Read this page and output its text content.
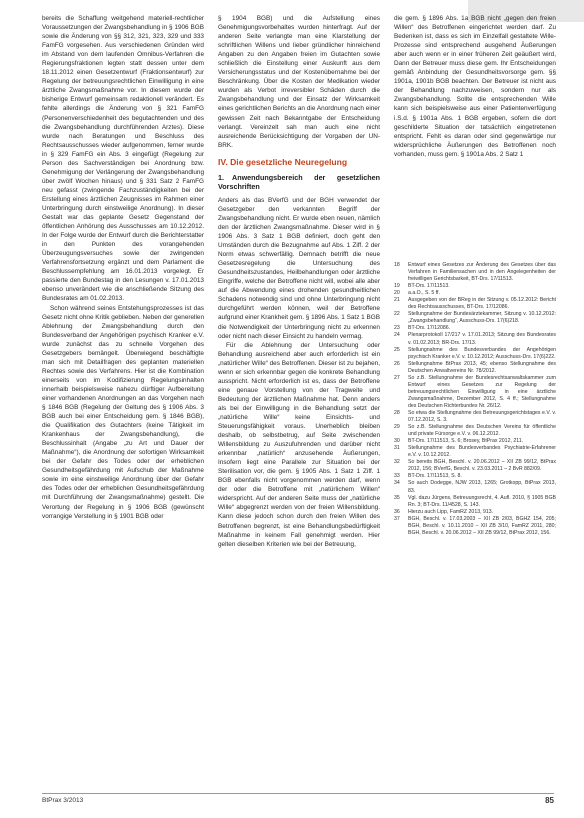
bereits die Schaffung weitgehend materiell-rechtlicher Voraussetzungen der Zwangsbehandlung in § 1906 BGB sowie die Änderung von §§ 312, 321, 323, 329 und 333 FamFG vorgesehen. Aus verschiedenen Gründen wird im Abstand von dem laufenden Omnibus-Verfahren die Regierungsfraktionen legten statt dessen unter dem 18.11.2012 einen Gesetzentwurf (Fraktionsentwurf) zur Regelung der betreuungsrechtlichen Einwilligung in eine ärztliche Zwangsmaßnahme vor. In diesem wurde der bisherige Entwurf gemeinsam redaktionell verändert. Es fehlte allerdings die Änderung von § 321 FamFG (Personenverschiedenheit des begutachtenden und des die Zwangsbehandlung durchführenden Arztes). Diese wurde nach Beratungen und Beschluss des Rechtsausschusses wieder aufgenommen, ferner wurde in § 329 FamFG ein Abs. 3 eingefügt (Regelung zur Person des Sachverständigen bei Anordnung bzw. Genehmigung der Verlängerung der Zwangsbehandlung über zwölf Wochen hinaus) und § 331 Satz 2 FamFG neu gefasst (zwingende Fachzuständigkeiten bei der Erstellung eines ärztlichen Zeugnisses im Rahmen einer Unterbringung durch einstweilige Anordnung). In dieser Gestalt war das geplante Gesetz Gegenstand der öffentlichen Anhörung des Ausschusses am 10.12.2012. In der Folge wurde der Entwurf durch die Berichterstatter in den Punkten des vorangehenden Überzeugungsversuches sowie der zwingenden Verfahrensfortsetzung ergänzt und dem Parlament die Beschlussempfehlung am 16.01.2013 vorgelegt. Er passierte den Bundestag in den Lesungen v. 17.01.2013 ebenso unverändert wie die anschließende Sitzung des Bundesrates am 01.02.2013.

Schon während seines Entstehungsprozesses ist das Gesetz nicht ohne Kritik geblieben. Neben der generellen Ablehnung der Zwangsbehandlung durch den Bundesverband der Angehörigen psychisch Kranker e.V. wurde zunächst das zu schnelle Vorgehen des Gesetzgebers bemängelt. Überwiegend beschäftigte man sich mit Detailfragen des geplanten materiellen Rechtes sowie des Verfahrens. Hier ist die Kombination einerseits von im Kodifizierung Regelungsinhalten innerhalb beispielsweise nahezu dürftiger Aufbereitung einer vorhandenen Anordnungen an das Vorgehen nach § 1846 BGB (Regelung der Geltung des § 1906 Abs. 3 BGB auch bei einer Entscheidung gem. § 1846 BGB), die Qualifikation des Gutachters (keine Tätigkeit im Krankenhaus der Zwangsbehandlung), die Beschlussinhalt (Angabe „zu Art und Dauer der Maßnahme“), die Anordnung der sofortigen Wirksamkeit bei der Gefahr des Todes oder der erheblichen Gesundheitsgefährdung mit Aufschub der Maßnahme sowie im eine einstweilige Anordnung über der Gefahr des Todes oder der erheblichen Gesundheitsgefährdung mit Durchführung der Zwangsmaßnahme) gestellt. Die Verortung der Regelung in § 1906 BGB (gewünscht vorrangige Verstellung in § 1901 BGB oder

§ 1904 BGB) und die Aufstellung eines Genehmigungsvorbehaltes wurden hinterfragt. Auf der anderen Seite verlangte man eine Klarstellung der schriftlichen Willens und lieber gründlicher hinreichend Angaben zu den Angaben freien im Gutachten sowie schließlich die Einstellung einer Auskunft aus dem Versicherungsstatus und der Kostenübernahme bei der Beschränkung. Über die Kosten der Medikation wieder wurden als Verbot irreversibler Schäden durch die Zwangsbehandlung und der Einsatz der Wirksamkeit eines gerichtlichen Berichts an die Anordnung nach einer gewissen Zeit nach Bekanntgabe der Entscheidung verlangt. Vereinzelt sah man auch eine nicht ausreichende Berücksichtigung der Vorgaben der UN-BRK.

IV. Die gesetzliche Neuregelung
1. Anwendungsbereich der gesetzlichen Vorschriften

Anders als das BVerfG und der BGH verwendet der Gesetzgeber den verkannten Begriff der Zwangsbehandlung nicht. Er wurde eben neuen, nämlich den der ärztlichen Zwangsmaßnahme. Dieser wird in § 1906 Abs. 3 Satz 1 BGB definiert, doch geht den Umständen durch die Bezugnahme auf Abs. 1 Ziff. 2 der Norm etwas schwerfällig. Demnach betrifft die neue Gesetzesregelung die Untersuchung des Gesundheitszustandes, Heilbehandlungen oder ärztliche Eingriffe, welche der Betroffene nicht will, wobei alle aber auf die Abwendung eines drohenden gesundheitlichen Schadens notwendig sind und ohne Unterbringung nicht durchgeführt werden können, weil der Betroffene aufgrund einer Krankheit gem. § 1896 Abs. 1 Satz 1 BGB die Notwendigkeit der Unterbringung nicht zu erkennen oder nicht nach dieser Einsicht zu handeln vermag.

Für die Ablehnung der Untersuchung oder Behandlung ausreichend aber auch erforderlich ist ein „natürlicher Wille“ des Betroffenen. Dieser ist zu bejahen, wenn er sich erkennbar gegen die konkrete Behandlung ausspricht. Nicht erforderlich ist es, dass der Betroffene eine genaue Vorstellung von der Tragweite und Bedeutung der ärztlichen Maßnahme hat. Denn anders als bei der Einwilligung in die Behandlung setzt der „natürliche Wille“ keine Einsichts- und Steuerungsfähigkeit voraus. Unerheblich bleiben deshalb, ob selbstbetrug, auf Seite zwischenden Willensbildung zu Auszufuhrenden und darüber nicht erkennbar „natürlich“ anzusehende Äußerungen, Insofern liegt eine Parallele zur Situation bei der Sterilisation vor, die gem. § 1905 Abs. 1 Satz 1 Ziff. 1 BGB ebenfalls nicht vorgenommen werden darf, wenn der oder die Betroffene mit „natürlichem Willen“ widerspricht. Auf der anderen Seite muss der „natürliche Wille“ abgegrenzt werden von der freien Willensbildung. Kann diese jedoch schon durch den freien Willen des Betroffenen begrenzt, ist eine Behandlungsbedürftigkeit Maßnahme in keinem Fall genehmigt werden. Hier gelten dieselben Kriterien wie bei der Betreuung,

die gem. § 1896 Abs. 1a BGB nicht „gegen den freien Willen“ des Betroffenen eingerichtet werden darf. Zu Bedenken ist, dass es sich im Einzelfall gestaltete Wille-Prozesse sind entsprechend ausgehend Äußerungen aber auch wenn er in einer früheren Zeit geäußert wird, Dann der Betreuer muss diese gem. Ihr Entscheidungen gemäß Anbindung der Gesundheitsvorsorge gem. §§ 1901a, 1901b BGB beachten. Der Betreuer ist nicht aus der Behandlung nachzuweisen, sondern nur als Zwangsbehandlung. Sollte die entsprechenden Wille kann sich beispielsweise aus einer Patientenverfügung i.S.d. § 1901a Abs. 1 BGB ergeben, sofern die dort geschilderte Situation der tatsächlich eingetretenen entspricht. Fehlt es daran oder sind gegenwärtige nur widersprüchliche Äußerungen des Betroffenen noch vorhanden, muss gem. § 1901a Abs. 2 Satz 1

18	Entwurf eines Gesetzes zur Änderung des Gesetzes über das Verfahren in Familiensachen und in den Angelegenheiten der freiwilligen Gerichtsbarkeit, BT-Drs. 17/11513.
19	BT-Drs. 17/11513.
20	a.a.O., S. 5 ff.
21	Ausgegeben von der BReg in der Sitzung v. 05.12.2012: Bericht des Rechtsausschusses, BT-Drs. 17/12086.
22	Stellungnahme der Bundesärztekammer, Sitzung v. 10.12.2012: „Zwangsbehandlung“, Ausschuss-Drs. 17(6)218.
23	BT-Drs. 17/12086.
24	Plenarprotokoll 17/217 v. 17.01.2013; Sitzung des Bundesrates v. 01.02.2013; BR-Drs. 17/13.
25	Stellungnahme des Bundesverbandes der Angehörigen psychisch Kranker e.V. v. 10.12.2012; Ausschuss-Drs. 17(6)222.
26	Stellungnahme BtPrax 2013, 45; ebenso Stellungnahme des Deutschen Anwaltvereins Nr. 78/2012.
27	So z.B. Stellungnahme der Bundesrechtsanwaltskammer zum Entwurf eines Gesetzes zur Regelung der betreuungsrechtlichen Einwilligung in eine ärztliche Zwangsmaßnahme, Dezember 2012, S. 4 ff.; Stellungnahme des Deutschen Richterbundes Nr. 26/12.
28	So etwa die Stellungnahme des Betreuungsgerichtstages e.V. v. 07.12.2012, S. 3.
29	So z.B. Stellungnahme des Deutschen Vereins für öffentliche und private Fürsorge e.V. v. 06.12.2012.
30	BT-Drs. 17/11513, S. 6; Brosey, BtPrax 2012, 211.
31	Stellungnahme des Bundesverbandes Psychiatrie-Erfahrener e.V. v. 10.12.2012.
32	So bereits BGH, Beschl. v. 20.06.2012 – XII ZB 99/12, BtPrax 2012, 156; BVerfG, Beschl. v. 23.03.2011 – 2 BvR 882/09.
33	BT-Drs. 17/11513, S. 8.
34	So auch Dodegge, NJW 2013, 1265; Grotkopp, BtPrax 2013, 83.
35	Vgl. dazu Jürgens, Betreuungsrecht, 4. Aufl. 2010, § 1905 BGB Rn. 3; BT-Drs. 11/4528, S. 143.
36	Hierzu auch Lipp, FamRZ 2013, 913.
37	BGH, Beschl. v. 17.03.2003 – XII ZB 2/03, BGHZ 154, 205; BGH, Beschl. v. 10.11.2010 – XII ZB 3/10, FamRZ 2011, 280; BGH, Beschl. v. 20.06.2012 – XII ZB 99/12, BtPrax 2012, 156.
BtPrax 3/2013	85
